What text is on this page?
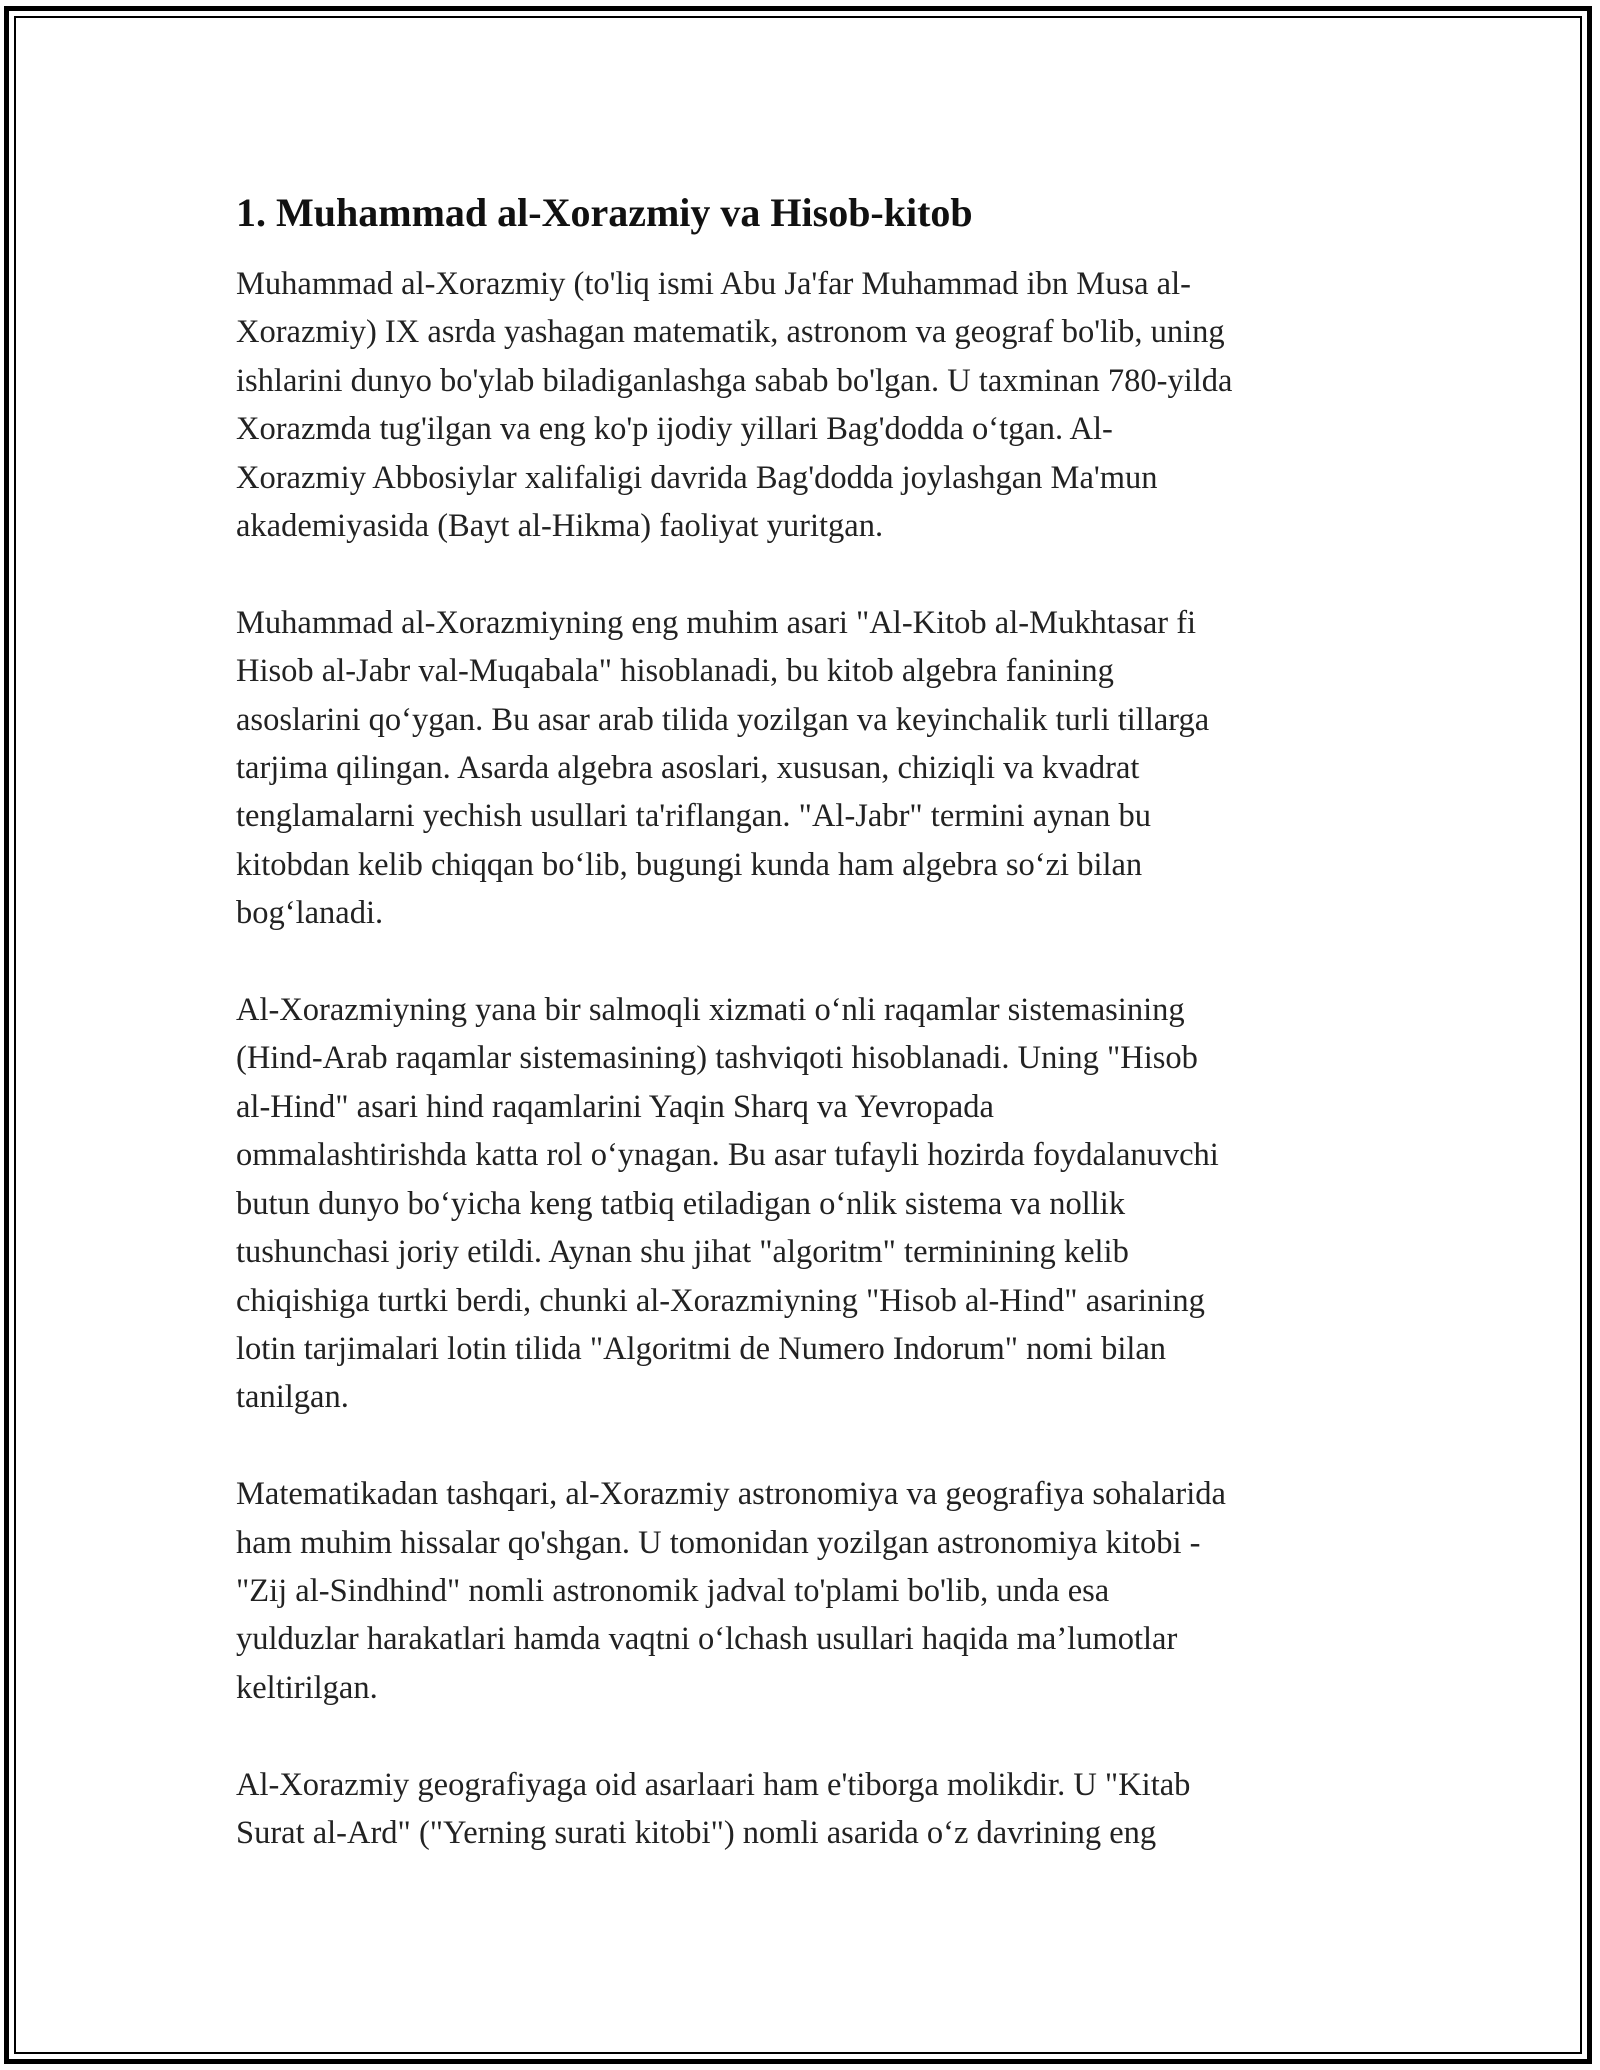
1. Muhammad al-Xorazmiy va Hisob-kitob

Muhammad al-Xorazmiy (to'liq ismi Abu Ja'far Muhammad ibn Musa al-
Xorazmiy) IX asrda yashagan matematik, astronom va geograf bo'lib, uning
ishlarini dunyo bo'ylab biladiganlashga sabab bo'lgan. U taxminan 780-yilda
Xorazmda tug'ilgan va eng ko'p ijodiy yillari Bag'dodda o‘tgan. Al-
Xorazmiy Abbosiylar xalifaligi davrida Bag'dodda joylashgan Ma'mun
akademiyasida (Bayt al-Hikma) faoliyat yuritgan.

Muhammad al-Xorazmiyning eng muhim asari "Al-Kitob al-Mukhtasar fi
Hisob al-Jabr val-Muqabala" hisoblanadi, bu kitob algebra fanining
asoslarini qo‘ygan. Bu asar arab tilida yozilgan va keyinchalik turli tillarga
tarjima qilingan. Asarda algebra asoslari, xususan, chiziqli va kvadrat
tenglamalarni yechish usullari ta'riflangan. "Al-Jabr" termini aynan bu
kitobdan kelib chiqqan bo‘lib, bugungi kunda ham algebra so‘zi bilan
bog‘lanadi.

Al-Xorazmiyning yana bir salmoqli xizmati o‘nli raqamlar sistemasining
(Hind-Arab raqamlar sistemasining) tashviqoti hisoblanadi. Uning "Hisob
al-Hind" asari hind raqamlarini Yaqin Sharq va Yevropada
ommalashtirishda katta rol o‘ynagan. Bu asar tufayli hozirda foydalanuvchi
butun dunyo bo‘yicha keng tatbiq etiladigan o‘nlik sistema va nollik
tushunchasi joriy etildi. Aynan shu jihat "algoritm" terminining kelib
chiqishiga turtki berdi, chunki al-Xorazmiyning "Hisob al-Hind" asarining
lotin tarjimalari lotin tilida "Algoritmi de Numero Indorum" nomi bilan
tanilgan.

Matematikadan tashqari, al-Xorazmiy astronomiya va geografiya sohalarida
ham muhim hissalar qo'shgan. U tomonidan yozilgan astronomiya kitobi -
"Zij al-Sindhind" nomli astronomik jadval to'plami bo'lib, unda esa
yulduzlar harakatlari hamda vaqtni o‘lchash usullari haqida ma’lumotlar
keltirilgan.

Al-Xorazmiy geografiyaga oid asarlaari ham e'tiborga molikdir. U "Kitab
Surat al-Ard" ("Yerning surati kitobi") nomli asarida o‘z davrining eng
